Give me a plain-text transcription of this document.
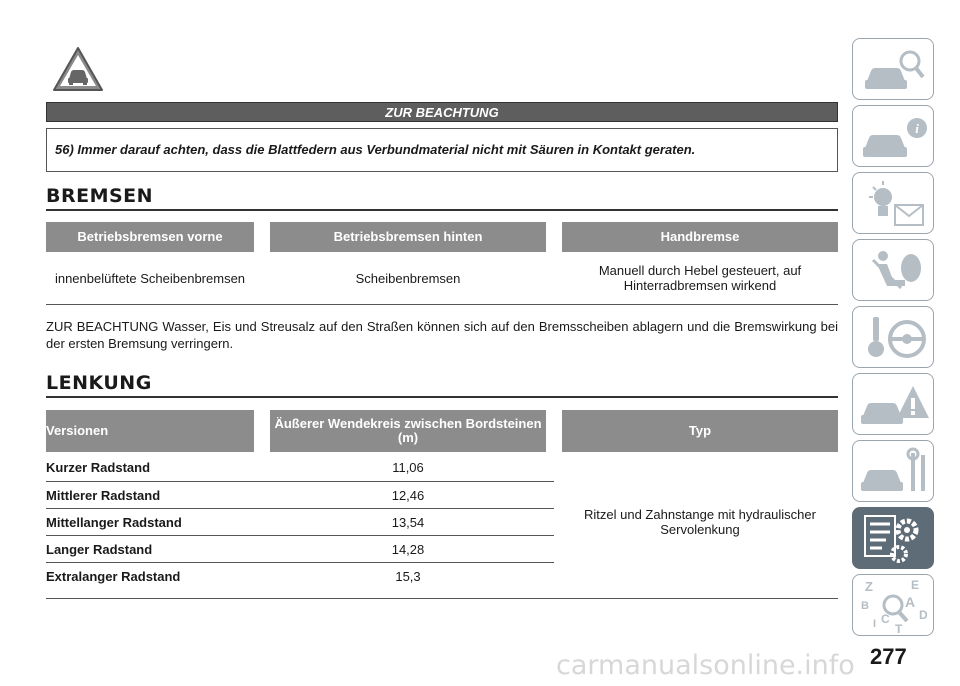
ZUR BEACHTUNG
56) Immer darauf achten, dass die Blattfedern aus Verbundmaterial nicht mit Säuren in Kontakt geraten.
BREMSEN
Betriebsbremsen vorne	Betriebsbremsen hinten	Handbremse
innenbelüftete Scheibenbremsen	Scheibenbremsen	Manuell durch Hebel gesteuert, auf Hinterradbremsen wirkend
ZUR BEACHTUNG Wasser, Eis und Streusalz auf den Straßen können sich auf den Bremsscheiben ablagern und die Bremswirkung bei der ersten Bremsung verringern.
LENKUNG
Versionen	Äußerer Wendekreis zwischen Bordsteinen (m)	Typ
Kurzer Radstand	11,06
Mittlerer Radstand	12,46
Mittellanger Radstand	13,54
Langer Radstand	14,28
Extralanger Radstand	15,3
Ritzel und Zahnstange mit hydraulischer Servolenkung
i
Z	E
B	A
C
T
D
I
277
carmanualsonline.info
